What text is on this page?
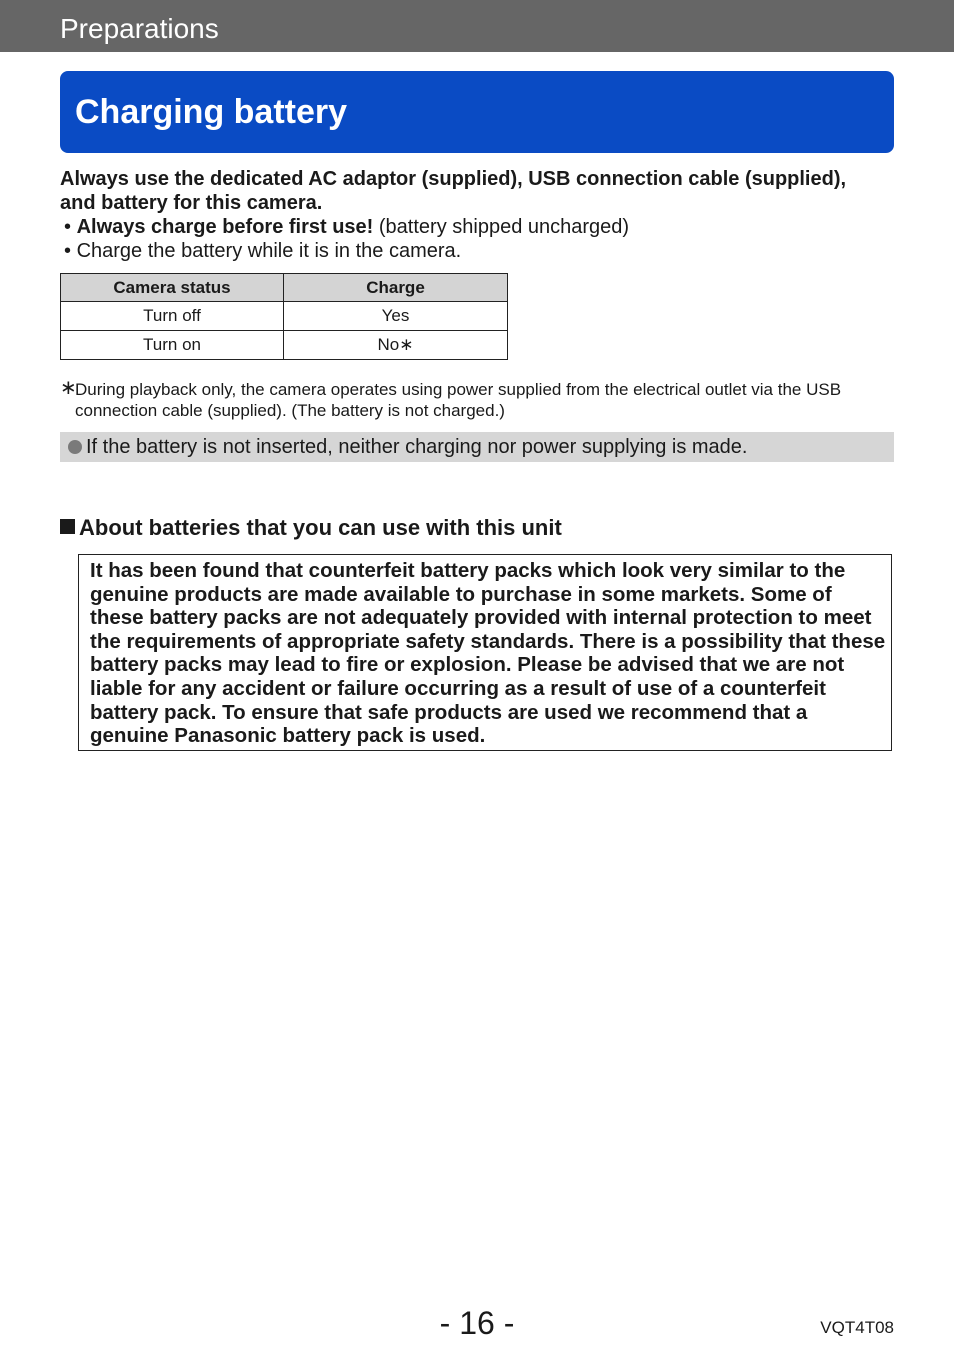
Preparations
Charging battery
Always use the dedicated AC adaptor (supplied), USB connection cable (supplied),
and battery for this camera.
• Always charge before first use! (battery shipped uncharged)
• Charge the battery while it is in the camera.
Camera status	Charge
Turn off	Yes
Turn on	No∗
∗
During playback only, the camera operates using power supplied from the electrical outlet via the USB connection cable (supplied). (The battery is not charged.)
If the battery is not inserted, neither charging nor power supplying is made.
About batteries that you can use with this unit
It has been found that counterfeit battery packs which look very similar to the genuine products are made available to purchase in some markets. Some of these battery packs are not adequately provided with internal protection to meet the requirements of appropriate safety standards. There is a possibility that these battery packs may lead to fire or explosion. Please be advised that we are not liable for any accident or failure occurring as a result of use of a counterfeit battery pack. To ensure that safe products are used we recommend that a genuine Panasonic battery pack is used.
- 16 -	VQT4T08
